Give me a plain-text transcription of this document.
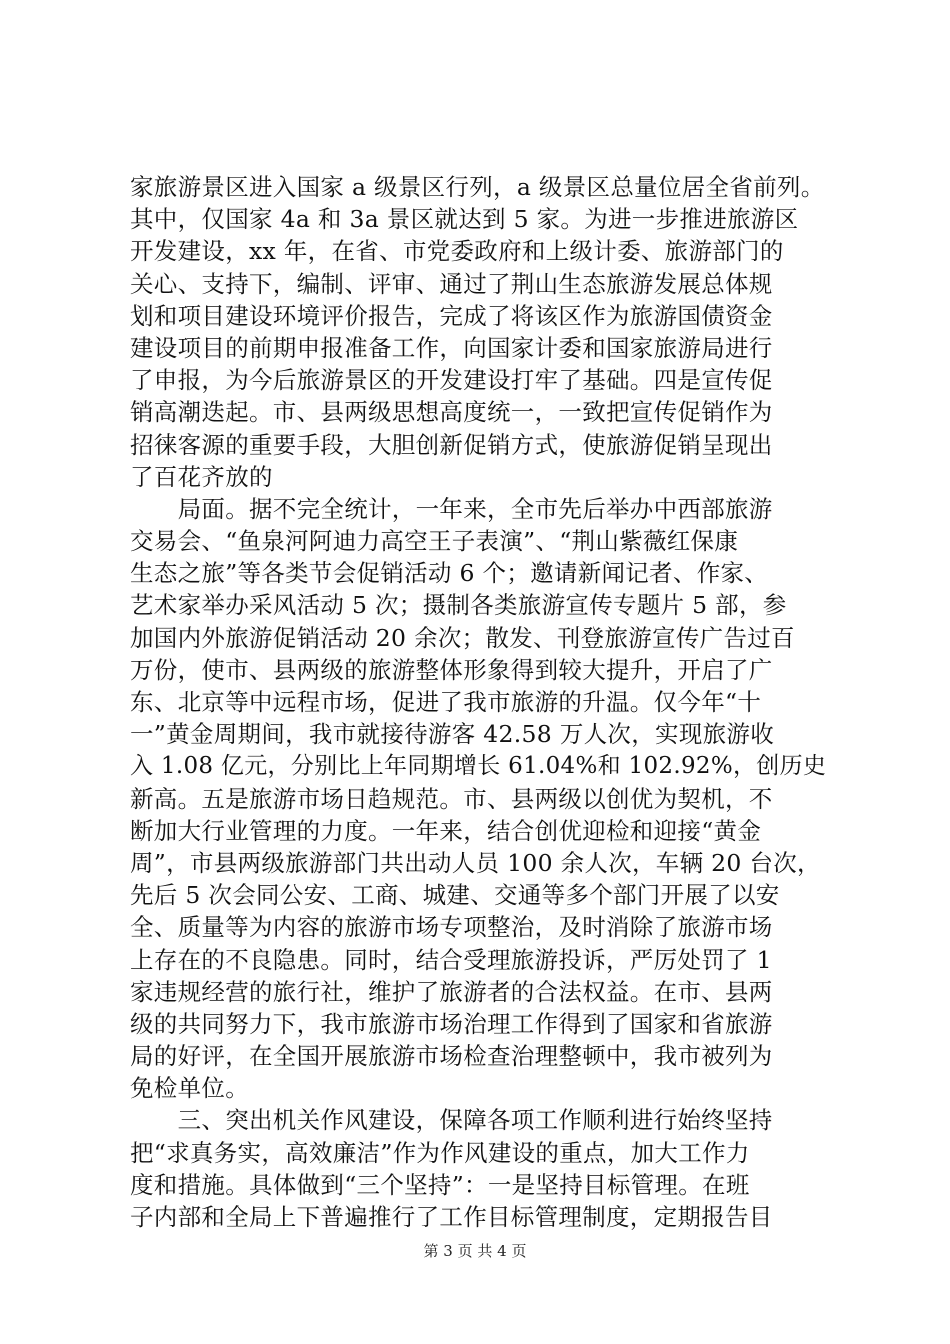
家旅游景区进入国家 a 级景区行列，a 级景区总量位居全省前列。
其中，仅国家 4a 和 3a 景区就达到 5 家。为进一步推进旅游区
开发建设，xx 年，在省、市党委政府和上级计委、旅游部门的
关心、支持下，编制、评审、通过了荆山生态旅游发展总体规
划和项目建设环境评价报告，完成了将该区作为旅游国债资金
建设项目的前期申报准备工作，向国家计委和国家旅游局进行
了申报，为今后旅游景区的开发建设打牢了基础。四是宣传促
销高潮迭起。市、县两级思想高度统一，一致把宣传促销作为
招徕客源的重要手段，大胆创新促销方式，使旅游促销呈现出
了百花齐放的
　　局面。据不完全统计，一年来，全市先后举办中西部旅游
交易会、“鱼泉河阿迪力高空王子表演”、“荆山紫薇红保康
生态之旅”等各类节会促销活动 6 个；邀请新闻记者、作家、
艺术家举办采风活动 5 次；摄制各类旅游宣传专题片 5 部，参
加国内外旅游促销活动 20 余次；散发、刊登旅游宣传广告过百
万份，使市、县两级的旅游整体形象得到较大提升，开启了广
东、北京等中远程市场，促进了我市旅游的升温。仅今年“十
一”黄金周期间，我市就接待游客 42.58 万人次，实现旅游收
入 1.08 亿元，分别比上年同期增长 61.04%和 102.92%，创历史
新高。五是旅游市场日趋规范。市、县两级以创优为契机，不
断加大行业管理的力度。一年来，结合创优迎检和迎接“黄金
周”，市县两级旅游部门共出动人员 100 余人次，车辆 20 台次，
先后 5 次会同公安、工商、城建、交通等多个部门开展了以安
全、质量等为内容的旅游市场专项整治，及时消除了旅游市场
上存在的不良隐患。同时，结合受理旅游投诉，严厉处罚了 1
家违规经营的旅行社，维护了旅游者的合法权益。在市、县两
级的共同努力下，我市旅游市场治理工作得到了国家和省旅游
局的好评，在全国开展旅游市场检查治理整顿中，我市被列为
免检单位。
　　三、突出机关作风建设，保障各项工作顺利进行始终坚持
把“求真务实，高效廉洁”作为作风建设的重点，加大工作力
度和措施。具体做到“三个坚持”：一是坚持目标管理。在班
子内部和全局上下普遍推行了工作目标管理制度，定期报告目
第 3 页 共 4 页
